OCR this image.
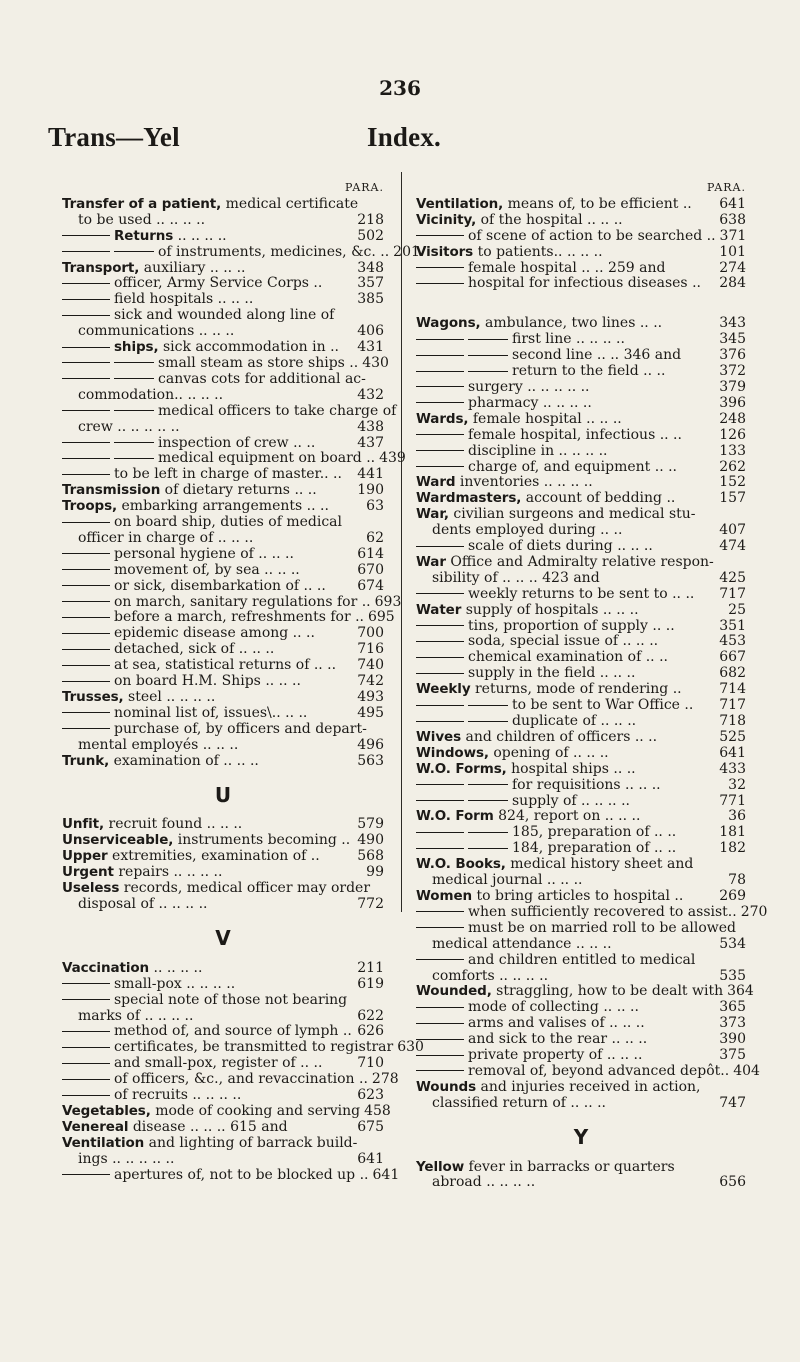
236
Trans—Yel	Index.
PARA.
Transfer of a patient, medical certificate
to be used .. .. .. ..	218
Returns .. .. .. ..	502
of instruments, medicines, &c. .. 201
Transport, auxiliary .. .. ..	348
officer, Army Service Corps ..	357
field hospitals .. .. ..	385
sick and wounded along line of
communications .. .. ..	406
ships, sick accommodation in ..	431
small steam as store ships .. 430
canvas cots for additional ac-
commodation.. .. .. ..	432
medical officers to take charge of
crew .. .. .. .. ..	438
inspection of crew .. ..	437
medical equipment on board .. 439
to be left in charge of master.. ..	441
Transmission of dietary returns .. ..	190
Troops, embarking arrangements .. ..	63
on board ship, duties of medical
officer in charge of .. .. ..	62
personal hygiene of .. .. ..	614
movement of, by sea .. .. ..	670
or sick, disembarkation of .. ..	674
on march, sanitary regulations for .. 693
before a march, refreshments for .. 695
epidemic disease among .. ..	700
detached, sick of .. .. ..	716
at sea, statistical returns of .. ..	740
on board H.M. Ships .. .. ..	742
Trusses, steel .. .. .. ..	493
nominal list of, issues\.. .. ..	495
purchase of, by officers and depart-
mental employés .. .. ..	496
Trunk, examination of .. .. ..	563
U
Unfit, recruit found .. .. ..	579
Unserviceable, instruments becoming .. 490
Upper extremities, examination of ..	568
Urgent repairs .. .. .. ..	99
Useless records, medical officer may order
disposal of .. .. .. ..	772
V
Vaccination .. .. .. ..	211
small-pox .. .. .. ..	619
special note of those not bearing
marks of .. .. .. ..	622
method of, and source of lymph .. 626
certificates, be transmitted to registrar 630
and small-pox, register of .. ..	710
of officers, &c., and revaccination .. 278
of recruits .. .. .. ..	623
Vegetables, mode of cooking and serving 458
Venereal disease .. .. .. 615 and	675
Ventilation and lighting of barrack build-
ings .. .. .. .. ..	641
apertures of, not to be blocked up .. 641
PARA.
Ventilation, means of, to be efficient ..	641
Vicinity, of the hospital .. .. ..	638
of scene of action to be searched .. 371
Visitors to patients.. .. .. ..	101
female hospital .. .. 259 and	274
hospital for infectious diseases ..	284
Wagons, ambulance, two lines .. ..	343
first line .. .. .. ..	345
second line .. .. 346 and	376
return to the field .. ..	372
surgery .. .. .. .. ..	379
pharmacy .. .. .. ..	396
Wards, female hospital .. .. ..	248
female hospital, infectious .. ..	126
discipline in .. .. .. ..	133
charge of, and equipment .. ..	262
Ward inventories .. .. .. ..	152
Wardmasters, account of bedding ..	157
War, civilian surgeons and medical stu-
dents employed during .. ..	407
scale of diets during .. .. ..	474
War Office and Admiralty relative respon-
sibility of .. .. .. 423 and	425
weekly returns to be sent to .. ..	717
Water supply of hospitals .. .. ..	25
tins, proportion of supply .. ..	351
soda, special issue of .. .. ..	453
chemical examination of .. ..	667
supply in the field .. .. ..	682
Weekly returns, mode of rendering ..	714
to be sent to War Office ..	717
duplicate of .. .. ..	718
Wives and children of officers .. ..	525
Windows, opening of .. .. ..	641
W.O. Forms, hospital ships .. ..	433
for requisitions .. .. ..	32
supply of .. .. .. ..	771
W.O. Form 824, report on .. .. ..	36
185, preparation of .. ..	181
184, preparation of .. ..	182
W.O. Books, medical history sheet and
medical journal .. .. ..	78
Women to bring articles to hospital ..	269
when sufficiently recovered to assist.. 270
must be on married roll to be allowed
medical attendance .. .. ..	534
and children entitled to medical
comforts .. .. .. ..	535
Wounded, straggling, how to be dealt with 364
mode of collecting .. .. ..	365
arms and valises of .. .. ..	373
and sick to the rear .. .. ..	390
private property of .. .. ..	375
removal of, beyond advanced depôt.. 404
Wounds and injuries received in action,
classified return of .. .. ..	747
Y
Yellow fever in barracks or quarters
abroad .. .. .. ..	656
